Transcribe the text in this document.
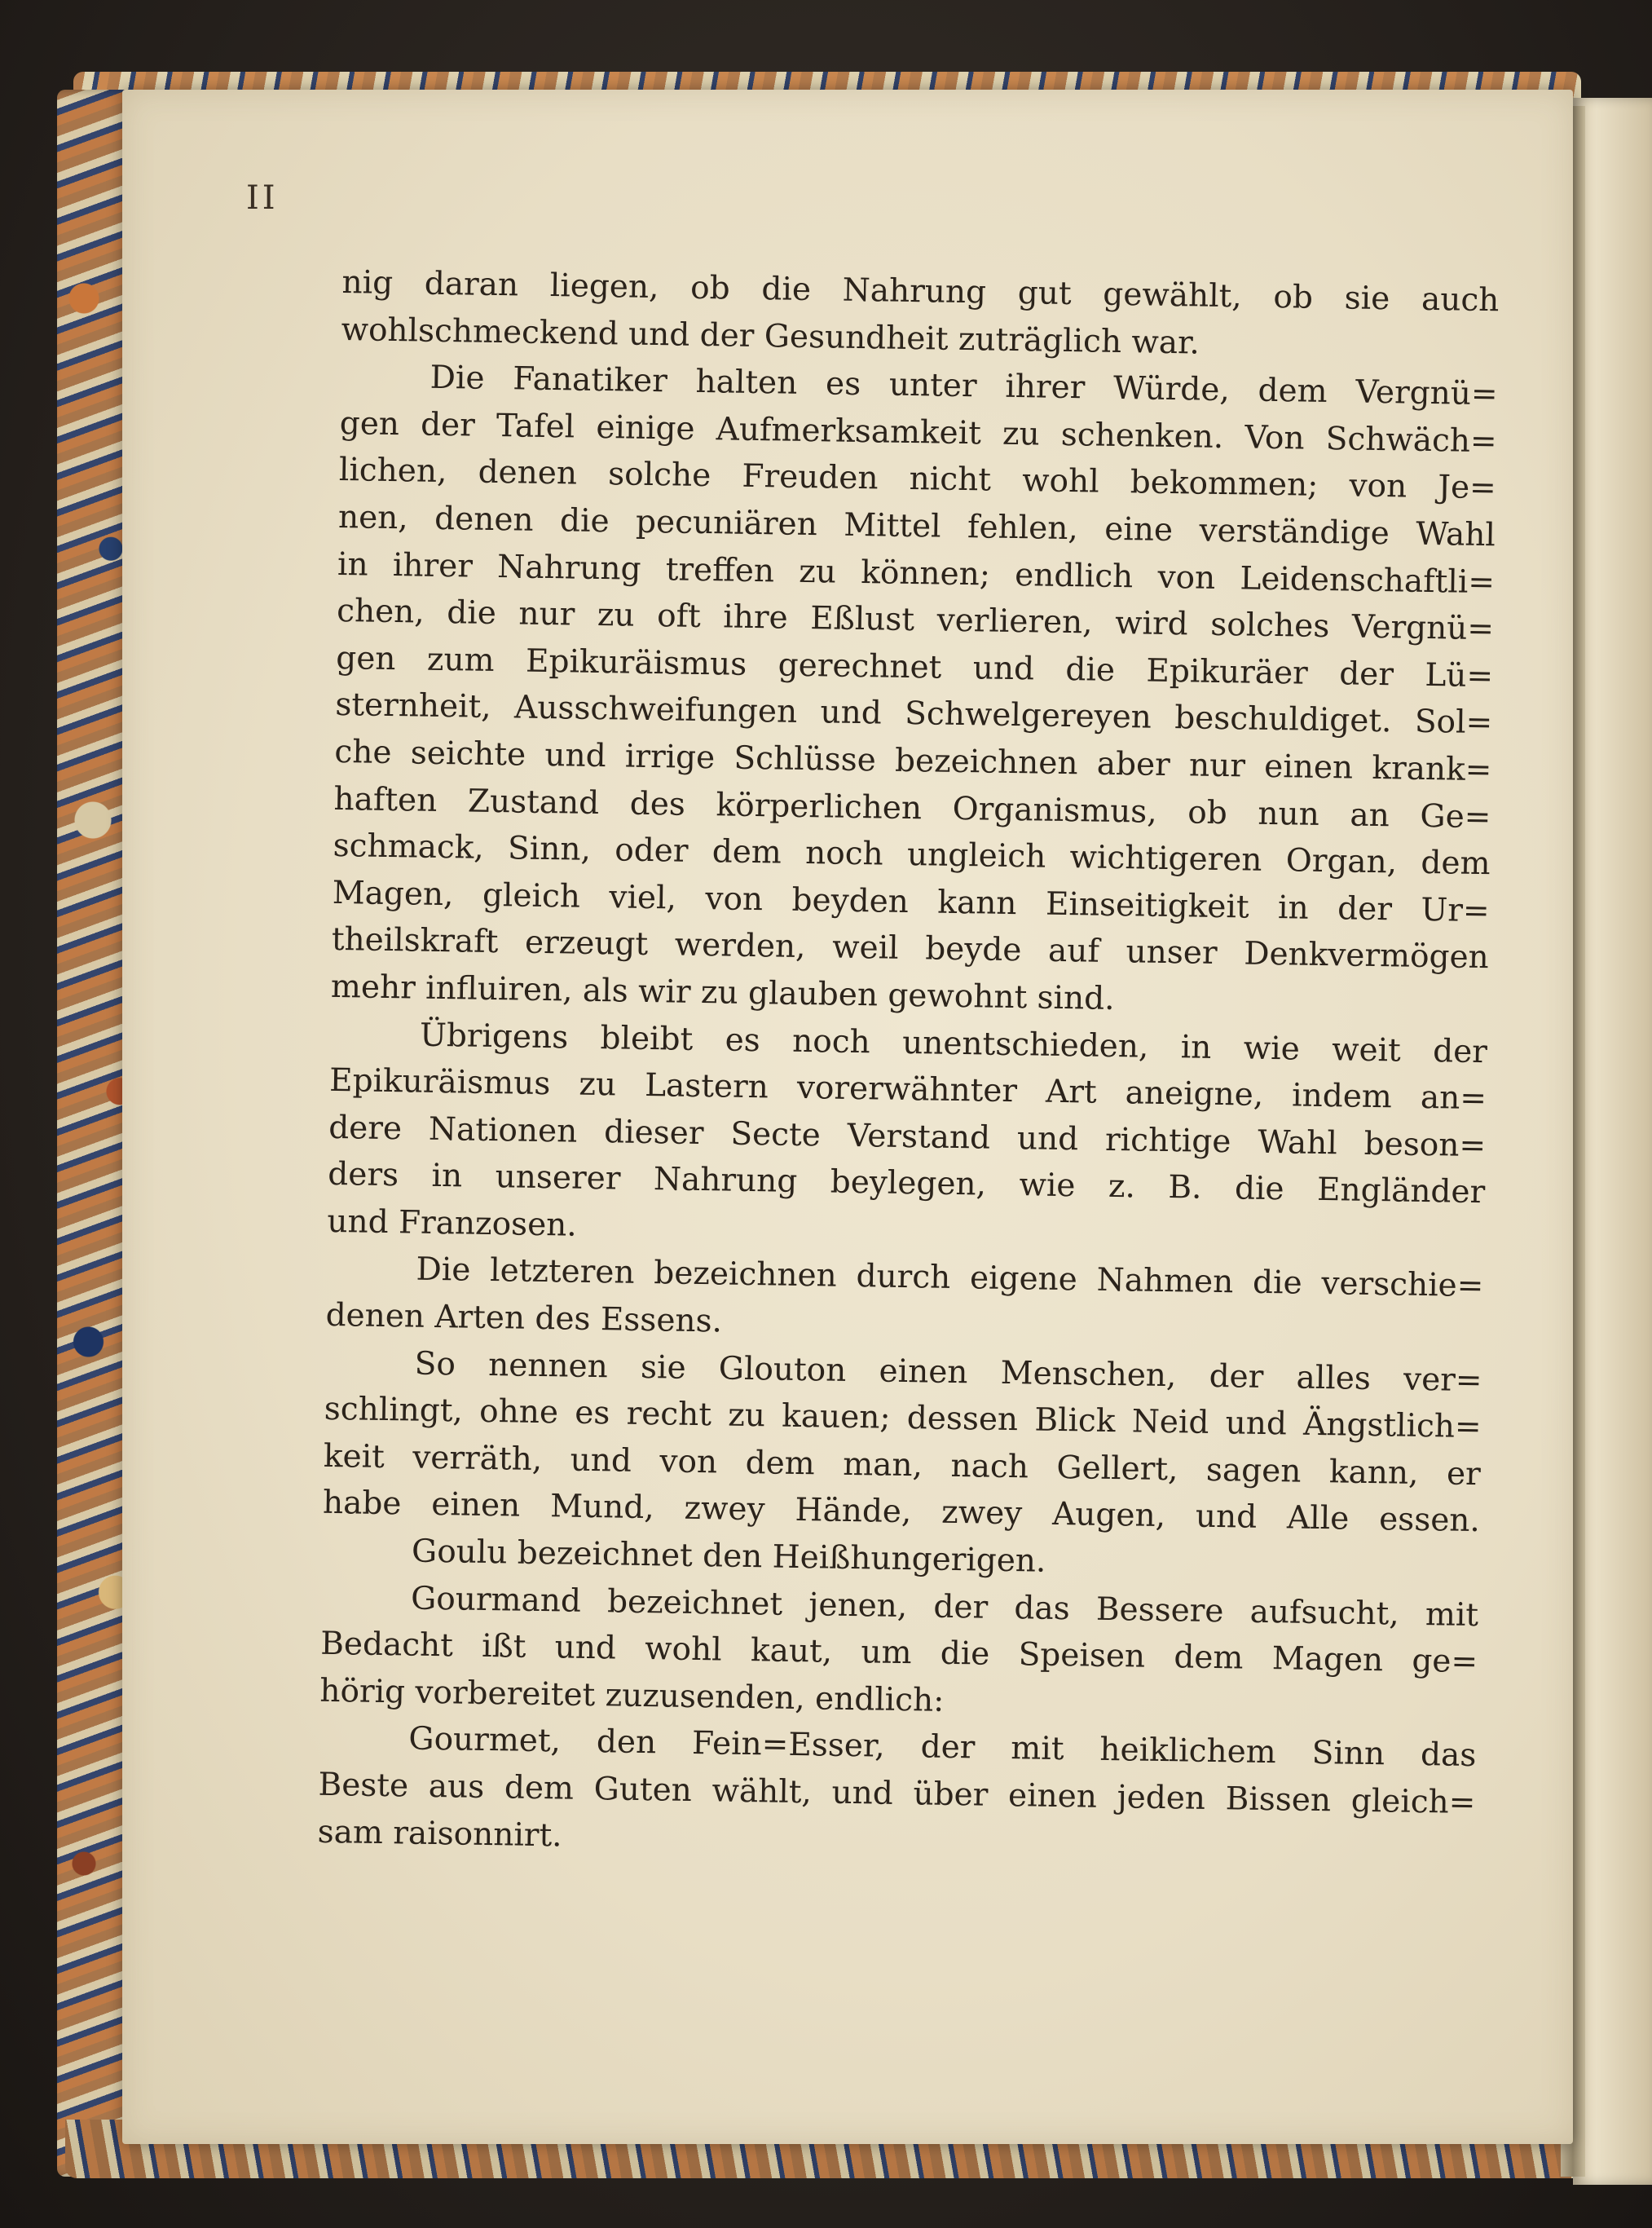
II
nig daran liegen, ob die Nahrung gut gewählt, ob sie auch
wohlschmeckend und der Gesundheit zuträglich war.
Die Fanatiker halten es unter ihrer Würde, dem Vergnü=
gen der Tafel einige Aufmerksamkeit zu schenken. Von Schwäch=
lichen, denen solche Freuden nicht wohl bekommen; von Je=
nen, denen die pecuniären Mittel fehlen, eine verständige Wahl
in ihrer Nahrung treffen zu können; endlich von Leidenschaftli=
chen, die nur zu oft ihre Eßlust verlieren, wird solches Vergnü=
gen zum Epikuräismus gerechnet und die Epikuräer der Lü=
sternheit, Ausschweifungen und Schwelgereyen beschuldiget. Sol=
che seichte und irrige Schlüsse bezeichnen aber nur einen krank=
haften Zustand des körperlichen Organismus, ob nun an Ge=
schmack, Sinn, oder dem noch ungleich wichtigeren Organ, dem
Magen, gleich viel, von beyden kann Einseitigkeit in der Ur=
theilskraft erzeugt werden, weil beyde auf unser Denkvermögen
mehr influiren, als wir zu glauben gewohnt sind.
Übrigens bleibt es noch unentschieden, in wie weit der
Epikuräismus zu Lastern vorerwähnter Art aneigne, indem an=
dere Nationen dieser Secte Verstand und richtige Wahl beson=
ders in unserer Nahrung beylegen, wie z. B. die Engländer
und Franzosen.
Die letzteren bezeichnen durch eigene Nahmen die verschie=
denen Arten des Essens.
So nennen sie Glouton einen Menschen, der alles ver=
schlingt, ohne es recht zu kauen; dessen Blick Neid und Ängstlich=
keit verräth, und von dem man, nach Gellert, sagen kann, er
habe einen Mund, zwey Hände, zwey Augen, und Alle essen.
Goulu bezeichnet den Heißhungerigen.
Gourmand bezeichnet jenen, der das Bessere aufsucht, mit
Bedacht ißt und wohl kaut, um die Speisen dem Magen ge=
hörig vorbereitet zuzusenden, endlich:
Gourmet, den Fein=Esser, der mit heiklichem Sinn das
Beste aus dem Guten wählt, und über einen jeden Bissen gleich=
sam raisonnirt.
